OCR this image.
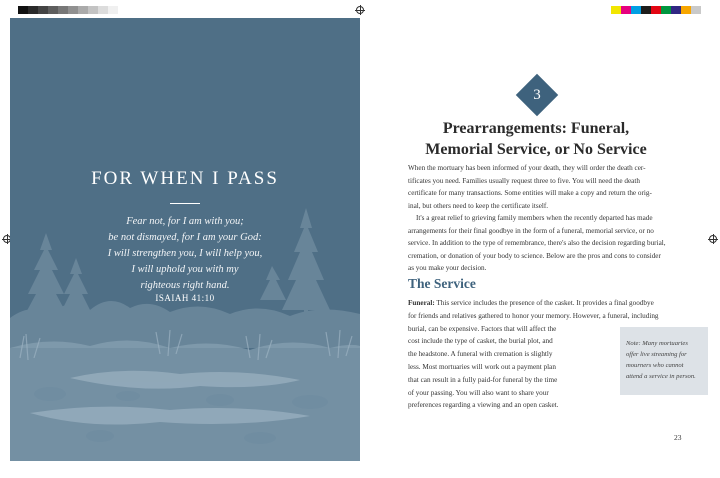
FOR WHEN I PASS
Fear not, for I am with you;
be not dismayed, for I am your God:
I will strengthen you, I will help you,
I will uphold you with my
righteous right hand.
ISAIAH 41:10
3
Prearrangements: Funeral,
Memorial Service, or No Service
When the mortuary has been informed of your death, they will order the death cer-
tificates you need. Families usually request three to five. You will need the death
certificate for many transactions. Some entities will make a copy and return the orig-
inal, but others need to keep the certificate itself.
It's a great relief to grieving family members when the recently departed has made
arrangements for their final goodbye in the form of a funeral, memorial service, or no
service. In addition to the type of remembrance, there's also the decision regarding burial,
cremation, or donation of your body to science. Below are the pros and cons to consider
as you make your decision.
The Service
Funeral: This service includes the presence of the casket. It provides a final goodbye
for friends and relatives gathered to honor your memory. However, a funeral, including
burial, can be expensive. Factors that will affect the
cost include the type of casket, the burial plot, and
the headstone. A funeral with cremation is slightly
less. Most mortuaries will work out a payment plan
that can result in a fully paid-for funeral by the time
of your passing. You will also want to share your
preferences regarding a viewing and an open casket.
Note: Many mortuaries
offer live streaming for
mourners who cannot
attend a service in person.
23
